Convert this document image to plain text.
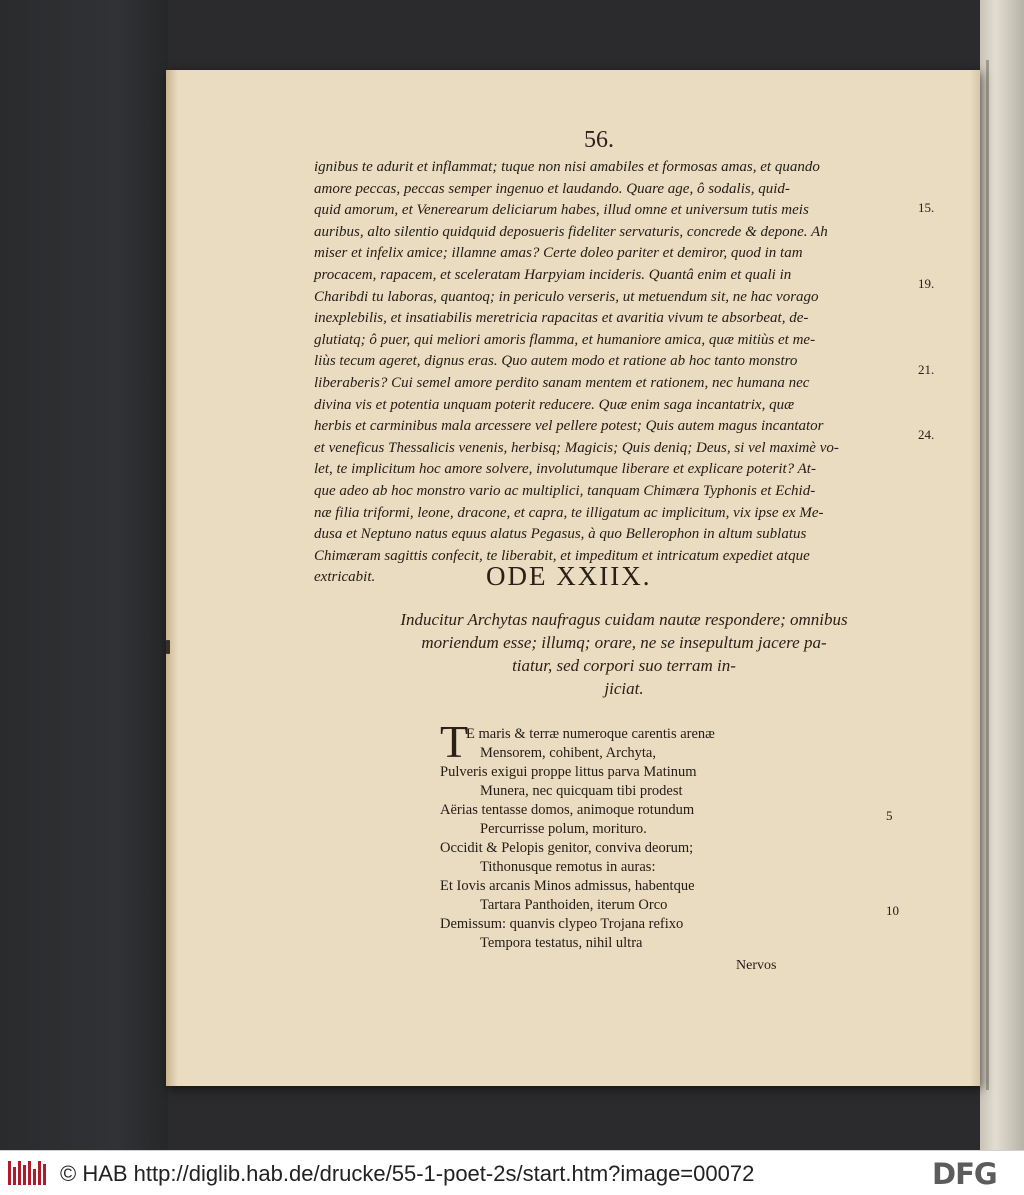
56.
ignibus te adurit et inflammat; tuque non nisi amabiles et formosas amas, et quando
amore peccas, peccas semper ingenuo et laudando. Quare age, ô sodalis, quid-
quid amorum, et Venerearum deliciarum habes, illud omne et universum tutis meis
auribus, alto silentio quidquid deposueris fideliter servaturis, concrede & depone. Ah
miser et infelix amice; illamne amas? Certe doleo pariter et demiror, quod in tam
procacem, rapacem, et sceleratam Harpyiam incideris. Quantâ enim et quali in
Charibdi tu laboras, quantoq; in periculo verseris, ut metuendum sit, ne hac vorago
inexplebilis, et insatiabilis meretricia rapacitas et avaritia vivum te absorbeat, de-
glutiatq; ô puer, qui meliori amoris flamma, et humaniore amica, quæ mitiùs et me-
liùs tecum ageret, dignus eras. Quo autem modo et ratione ab hoc tanto monstro
liberaberis? Cui semel amore perdito sanam mentem et rationem, nec humana nec
divina vis et potentia unquam poterit reducere. Quæ enim saga incantatrix, quæ
herbis et carminibus mala arcessere vel pellere potest; Quis autem magus incantator
et veneficus Thessalicis venenis, herbisq; Magicis; Quis deniq; Deus, si vel maximè vo-
let, te implicitum hoc amore solvere, involutumque liberare et explicare poterit? At-
que adeo ab hoc monstro vario ac multiplici, tanquam Chimæra Typhonis et Echid-
næ filia triformi, leone, dracone, et capra, te illigatum ac implicitum, vix ipse ex Me-
dusa et Neptuno natus equus alatus Pegasus, à quo Bellerophon in altum sublatus
Chimæram sagittis confecit, te liberabit, et impeditum et intricatum expediet atque
extricabit.
15.
19.
21.
24.
ODE XXIIX.
Inducitur Archytas naufragus cuidam nautæ respondere; omnibus
moriendum esse; illumq; orare, ne se insepultum jacere pa-
tiatur, sed corpori suo terram in-
jiciat.
T
E maris & terræ numeroque carentis arenæ
Mensorem, cohibent, Archyta,
Pulveris exigui proppe littus parva Matinum
Munera, nec quicquam tibi prodest
Aërias tentasse domos, animoque rotundum
Percurrisse polum, morituro.
Occidit & Pelopis genitor, conviva deorum;
Tithonusque remotus in auras:
Et Iovis arcanis Minos admissus, habentque
Tartara Panthoiden, iterum Orco
Demissum: quanvis clypeo Trojana refixo
Tempora testatus, nihil ultra
5
10
Nervos
© HAB http://diglib.hab.de/drucke/55-1-poet-2s/start.htm?image=00072	DFG
